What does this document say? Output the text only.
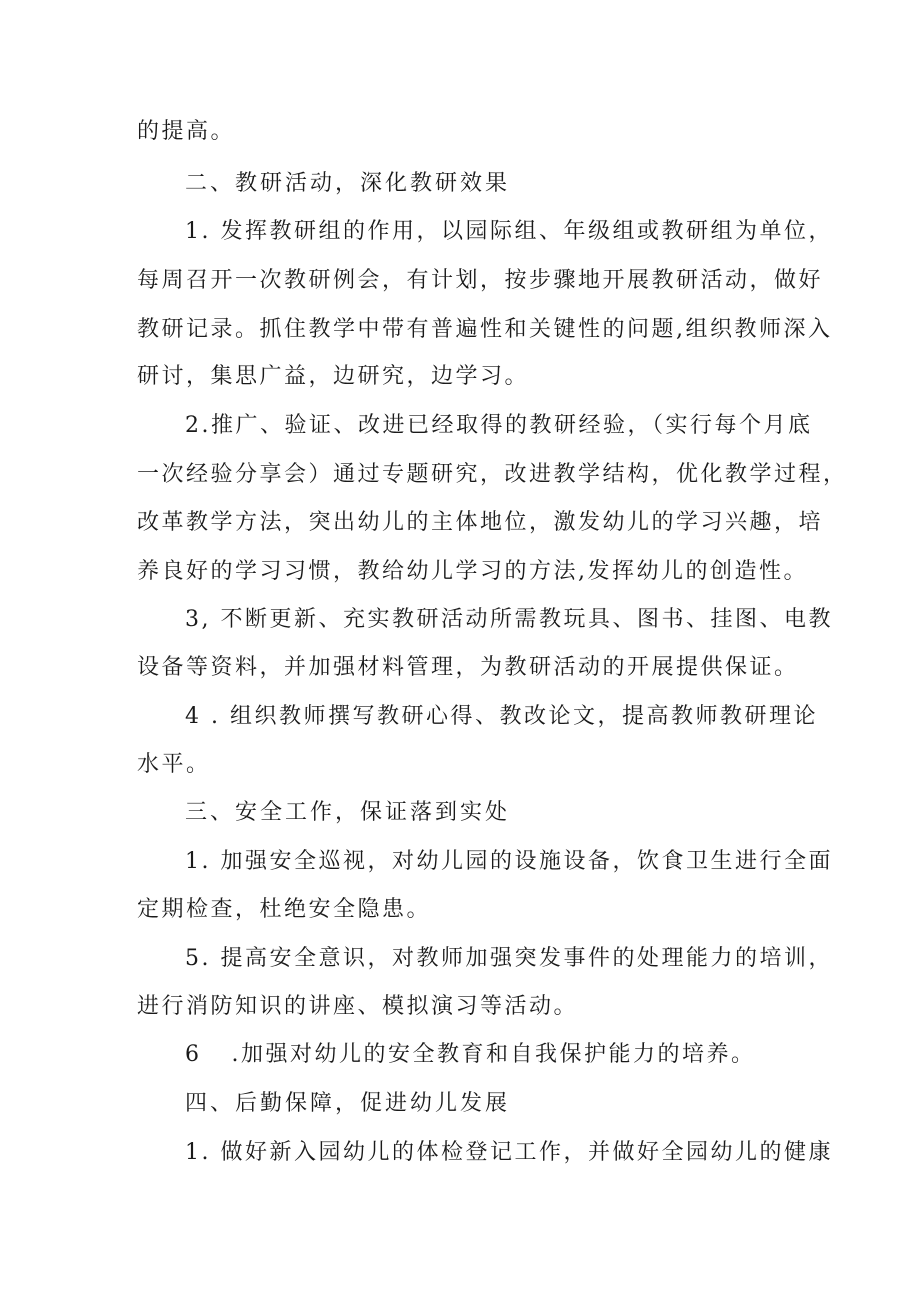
的提高。
二、教研活动，深化教研效果
1. 发挥教研组的作用，以园际组、年级组或教研组为单位，
每周召开一次教研例会，有计划，按步骤地开展教研活动，做好
教研记录。抓住教学中带有普遍性和关键性的问题,组织教师深入
研讨，集思广益，边研究，边学习。
2.推广、验证、改进已经取得的教研经验，（实行每个月底
一次经验分享会）通过专题研究，改进教学结构，优化教学过程，
改革教学方法，突出幼儿的主体地位，激发幼儿的学习兴趣，培
养良好的学习习惯，教给幼儿学习的方法,发挥幼儿的创造性。
3, 不断更新、充实教研活动所需教玩具、图书、挂图、电教
设备等资料，并加强材料管理，为教研活动的开展提供保证。
4 . 组织教师撰写教研心得、教改论文，提高教师教研理论
水平。
三、安全工作，保证落到实处
1. 加强安全巡视，对幼儿园的设施设备，饮食卫生进行全面
定期检查，杜绝安全隐患。
5. 提高安全意识，对教师加强突发事件的处理能力的培训，
进行消防知识的讲座、模拟演习等活动。
6 .加强对幼儿的安全教育和自我保护能力的培养。
四、后勤保障，促进幼儿发展
1. 做好新入园幼儿的体检登记工作，并做好全园幼儿的健康
